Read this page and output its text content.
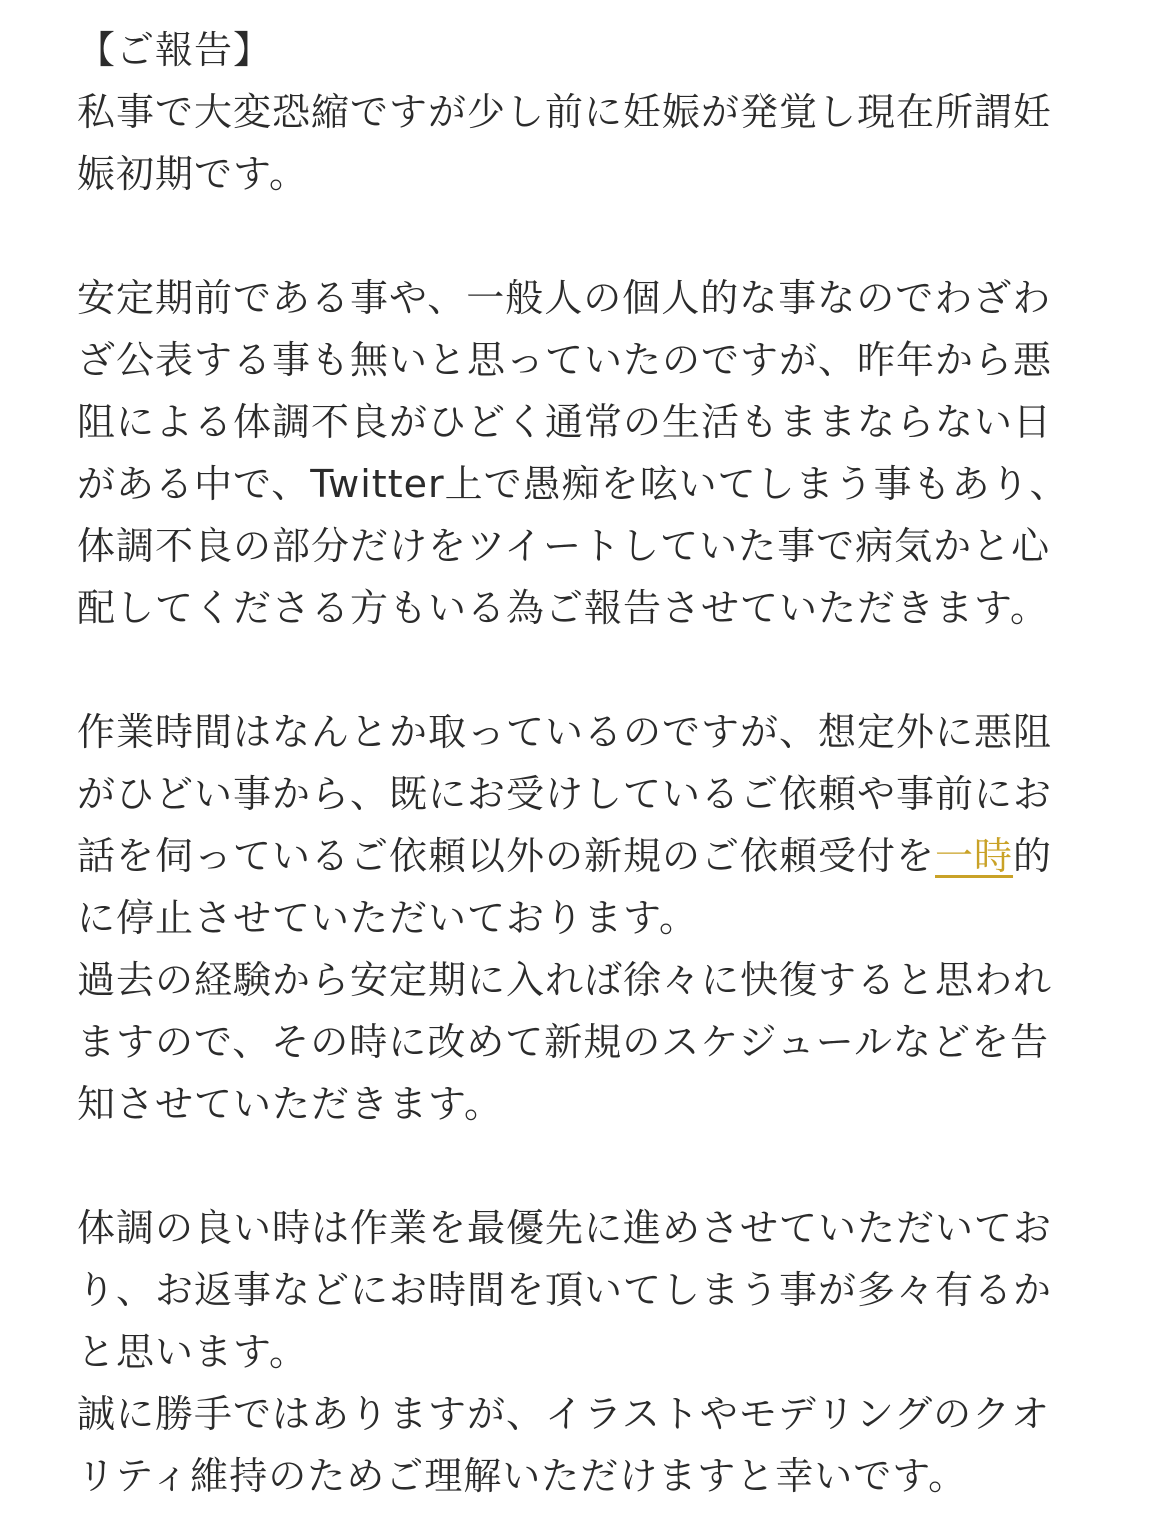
【ご報告】
私事で大変恐縮ですが少し前に妊娠が発覚し現在所謂妊
娠初期です。
安定期前である事や、一般人の個人的な事なのでわざわ
ざ公表する事も無いと思っていたのですが、昨年から悪
阻による体調不良がひどく通常の生活もままならない日
がある中で、Twitter上で愚痴を呟いてしまう事もあり、
体調不良の部分だけをツイートしていた事で病気かと心
配してくださる方もいる為ご報告させていただきます。
作業時間はなんとか取っているのですが、想定外に悪阻
がひどい事から、既にお受けしているご依頼や事前にお
話を伺っているご依頼以外の新規のご依頼受付を一時的
に停止させていただいております。
過去の経験から安定期に入れば徐々に快復すると思われ
ますので、その時に改めて新規のスケジュールなどを告
知させていただきます。
体調の良い時は作業を最優先に進めさせていただいてお
り、お返事などにお時間を頂いてしまう事が多々有るか
と思います。
誠に勝手ではありますが、イラストやモデリングのクオ
リティ維持のためご理解いただけますと幸いです。
